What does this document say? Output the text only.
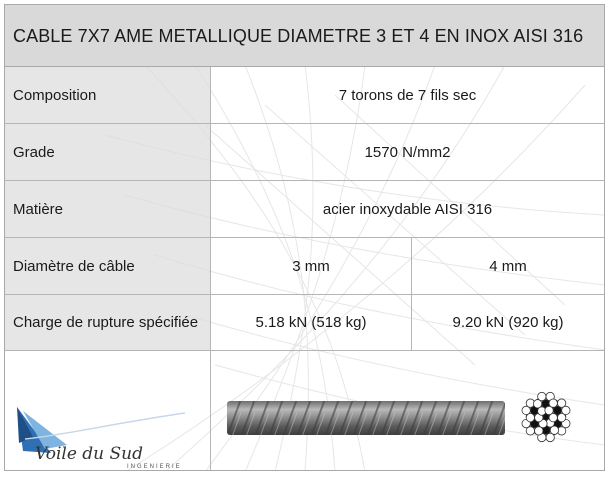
CABLE 7X7 AME METALLIQUE DIAMETRE 3 ET 4 EN INOX AISI 316
Composition	7 torons de 7 fils sec
Grade	1570 N/mm2
Matière	acier inoxydable AISI 316
Diamètre de câble	3 mm	4 mm
Charge de rupture spécifiée	5.18 kN (518 kg)	9.20 kN (920 kg)
Voile du Sud
INGENIERIE
